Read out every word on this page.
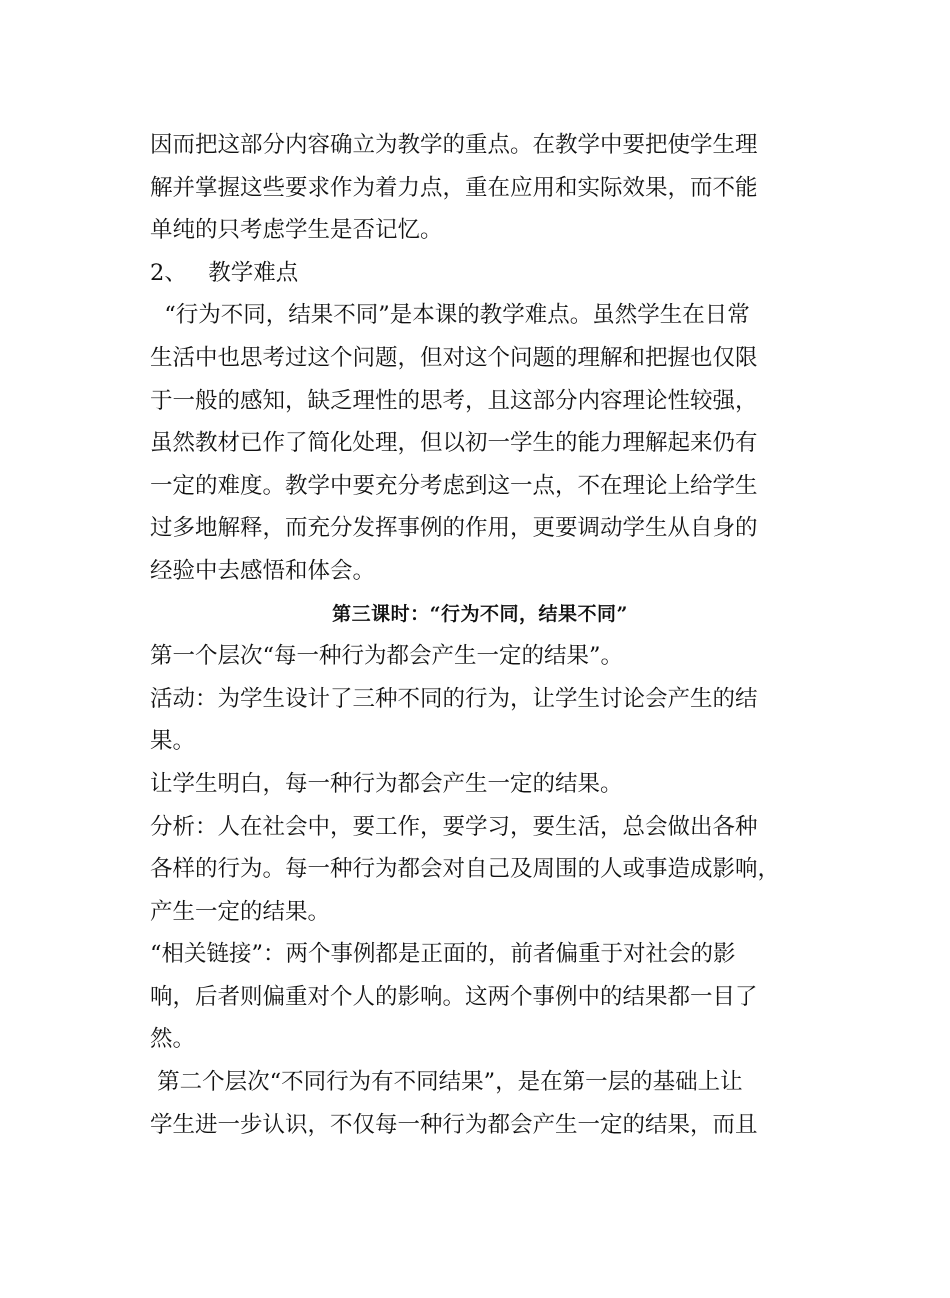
因而把这部分内容确立为教学的重点。在教学中要把使学生理
解并掌握这些要求作为着力点，重在应用和实际效果，而不能
单纯的只考虑学生是否记忆。
2、   教学难点
“行为不同，结果不同”是本课的教学难点。虽然学生在日常
生活中也思考过这个问题，但对这个问题的理解和把握也仅限
于一般的感知，缺乏理性的思考，且这部分内容理论性较强，
虽然教材已作了简化处理，但以初一学生的能力理解起来仍有
一定的难度。教学中要充分考虑到这一点，不在理论上给学生
过多地解释，而充分发挥事例的作用，更要调动学生从自身的
经验中去感悟和体会。
第三课时：“行为不同，结果不同”
第一个层次“每一种行为都会产生一定的结果”。
活动：为学生设计了三种不同的行为，让学生讨论会产生的结
果。
让学生明白，每一种行为都会产生一定的结果。
分析：人在社会中，要工作，要学习，要生活，总会做出各种
各样的行为。每一种行为都会对自己及周围的人或事造成影响，
产生一定的结果。
“相关链接”：两个事例都是正面的，前者偏重于对社会的影
响，后者则偏重对个人的影响。这两个事例中的结果都一目了
然。
第二个层次“不同行为有不同结果”，是在第一层的基础上让
学生进一步认识，不仅每一种行为都会产生一定的结果，而且
